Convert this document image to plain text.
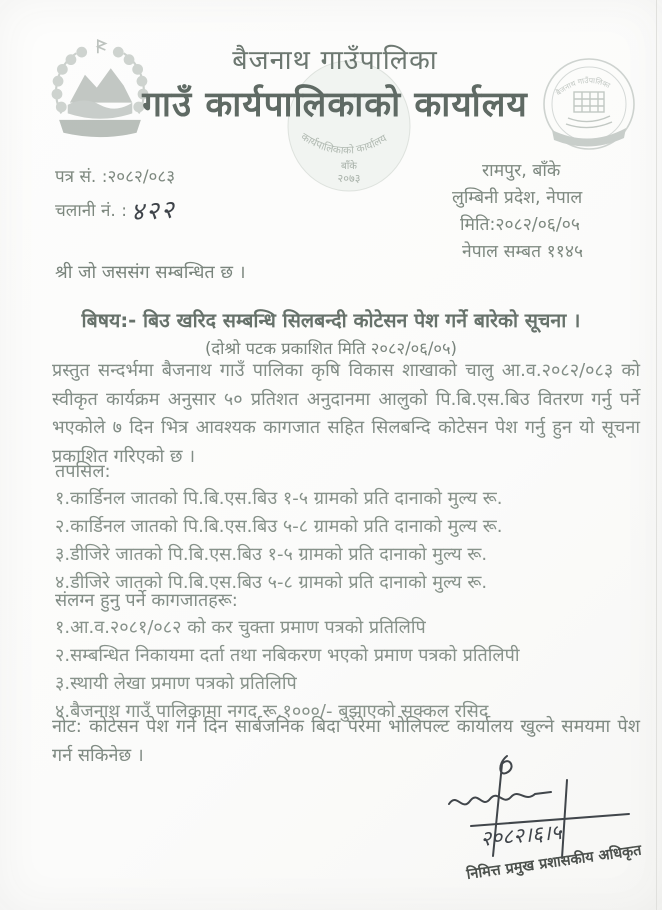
बैजनाथ गाउँपालिका
गाउँ कार्यपालिकाको कार्यालय
कार्यपालिकाको कार्यालय
बाँके
२०७३
बैजनाथ गाउँपालिका
पत्र सं. :२०८२/०८३
चलानी नं. : ४२२
रामपुर, बाँके
लुम्बिनी प्रदेश, नेपाल
मिति:२०८२/०६/०५
नेपाल सम्बत ११४५
श्री जो जससंग सम्बन्धित छ ।
बिषय:- बिउ खरिद सम्बन्धि सिलबन्दी कोटेसन पेश गर्ने बारेको सूचना ।
(दोश्रो पटक प्रकाशित मिति २०८२/०६/०५)
प्रस्तुत सन्दर्भमा बैजनाथ गाउँ पालिका कृषि विकास शाखाको चालु आ.व.२०८२/०८३ को स्वीकृत कार्यक्रम अनुसार ५० प्रतिशत अनुदानमा आलुको पि.बि.एस.बिउ वितरण गर्नु पर्ने भएकोले ७ दिन भित्र आवश्यक कागजात सहित सिलबन्दि कोटेसन पेश गर्नु हुन यो सूचना प्रकाशित गरिएको छ ।
तपसिल:
१.कार्डिनल जातको पि.बि.एस.बिउ १-५ ग्रामको प्रति दानाको मुल्य रू.
२.कार्डिनल जातको पि.बि.एस.बिउ ५-८ ग्रामको प्रति दानाको मुल्य रू.
३.डीजिरे जातको पि.बि.एस.बिउ १-५ ग्रामको प्रति दानाको मुल्य रू.
४.डीजिरे जातको पि.बि.एस.बिउ ५-८ ग्रामको प्रति दानाको मुल्य रू.
संलग्न हुनु पर्ने कागजातहरू:
१.आ.व.२०८१/०८२ को कर चुक्ता प्रमाण पत्रको प्रतिलिपि
२.सम्बन्धित निकायमा दर्ता तथा नबिकरण भएको प्रमाण पत्रको प्रतिलिपी
३.स्थायी लेखा प्रमाण पत्रको प्रतिलिपि
४.बैजनाथ गाउँ पालिकामा नगद रू.१०००/- बुझाएको सक्कल रसिद
नोट: कोटेसन पेश गर्ने दिन सार्बजनिक बिदा परेमा भोलिपल्ट कार्यालय खुल्ने समयमा पेश गर्न सकिनेछ ।
२०८२।६।५
निमित्त प्रमुख प्रशासकीय अधिकृत
